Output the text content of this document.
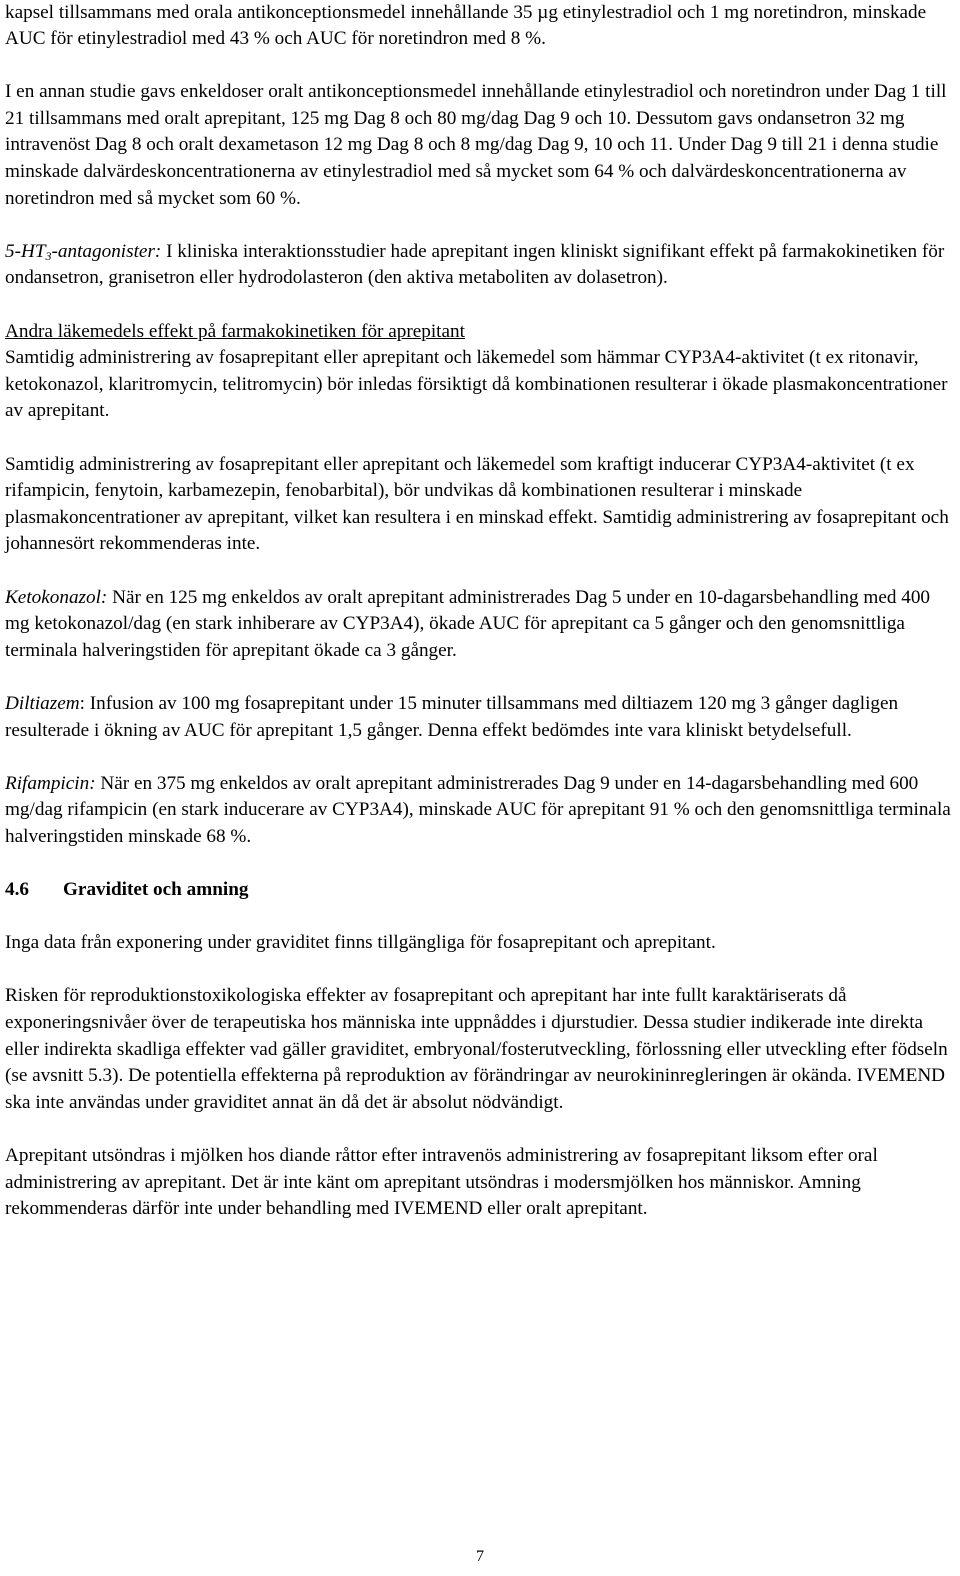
kapsel tillsammans med orala antikonceptionsmedel innehållande 35 µg etinylestradiol och 1 mg noretindron, minskade AUC för etinylestradiol med 43 % och AUC för noretindron med 8 %.

I en annan studie gavs enkeldoser oralt antikonceptionsmedel innehållande etinylestradiol och noretindron under Dag 1 till 21 tillsammans med oralt aprepitant, 125 mg Dag 8 och 80 mg/dag Dag 9 och 10. Dessutom gavs ondansetron 32 mg intravenöst Dag 8 och oralt dexametason 12 mg Dag 8 och 8 mg/dag Dag 9, 10 och 11. Under Dag 9 till 21 i denna studie minskade dalvärdeskoncentrationerna av etinylestradiol med så mycket som 64 % och dalvärdeskoncentrationerna av noretindron med så mycket som 60 %.

$5-HT_3$-antagonister: I kliniska interaktionsstudier hade aprepitant ingen kliniskt signifikant effekt på farmakokinetiken för ondansetron, granisetron eller hydrodolasteron (den aktiva metaboliten av dolasetron).

Andra läkemedels effekt på farmakokinetiken för aprepitant

Samtidig administrering av fosaprepitant eller aprepitant och läkemedel som hämmar CYP3A4-aktivitet (t ex ritonavir, ketokonazol, klaritromycin, telitromycin) bör inledas försiktigt då kombinationen resulterar i ökade plasmakoncentrationer av aprepitant.

Samtidig administrering av fosaprepitant eller aprepitant och läkemedel som kraftigt inducerar CYP3A4-aktivitet (t ex rifampicin, fenytoin, karbamezepin, fenobarbital), bör undvikas då kombinationen resulterar i minskade plasmakoncentrationer av aprepitant, vilket kan resultera i en minskad effekt. Samtidig administrering av fosaprepitant och johannesört rekommenderas inte.

Ketokonazol: När en 125 mg enkeldos av oralt aprepitant administrerades Dag 5 under en 10-dagarsbehandling med 400 mg ketokonazol/dag (en stark inhiberare av CYP3A4), ökade AUC för aprepitant ca 5 gånger och den genomsnittliga terminala halveringstiden för aprepitant ökade ca 3 gånger.

Diltiazem: Infusion av 100 mg fosaprepitant under 15 minuter tillsammans med diltiazem 120 mg 3 gånger dagligen resulterade i ökning av AUC för aprepitant 1,5 gånger. Denna effekt bedömdes inte vara kliniskt betydelsefull.

Rifampicin: När en 375 mg enkeldos av oralt aprepitant administrerades Dag 9 under en 14-dagarsbehandling med 600 mg/dag rifampicin (en stark inducerare av CYP3A4), minskade AUC för aprepitant 91 % och den genomsnittliga terminala halveringstiden minskade 68 %.

4.6 Graviditet och amning

Inga data från exponering under graviditet finns tillgängliga för fosaprepitant och aprepitant.

Risken för reproduktionstoxikologiska effekter av fosaprepitant och aprepitant har inte fullt karaktäriserats då exponeringsnivåer över de terapeutiska hos människa inte uppnåddes i djurstudier. Dessa studier indikerade inte direkta eller indirekta skadliga effekter vad gäller graviditet, embryonal/fosterutveckling, förlossning eller utveckling efter födseln (se avsnitt 5.3). De potentiella effekterna på reproduktion av förändringar av neurokininregleringen är okända. IVEMEND ska inte användas under graviditet annat än då det är absolut nödvändigt.

Aprepitant utsöndras i mjölken hos diande råttor efter intravenös administrering av fosaprepitant liksom efter oral administrering av aprepitant. Det är inte känt om aprepitant utsöndras i modersmjölken hos människor. Amning rekommenderas därför inte under behandling med IVEMEND eller oralt aprepitant.

7
